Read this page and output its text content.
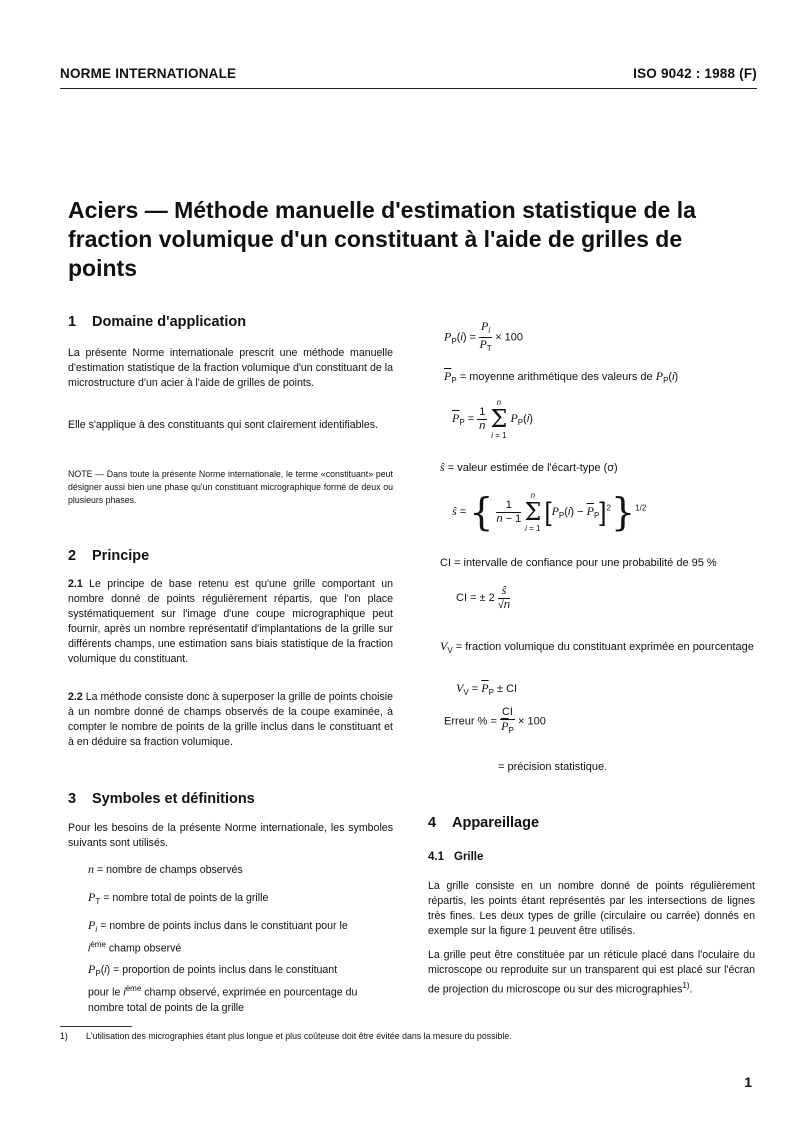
NORME INTERNATIONALE	ISO 9042 : 1988 (F)
Aciers — Méthode manuelle d'estimation statistique de la fraction volumique d'un constituant à l'aide de grilles de points
1 Domaine d'application
La présente Norme internationale prescrit une méthode manuelle d'estimation statistique de la fraction volumique d'un constituant de la microstructure d'un acier à l'aide de grilles de points.
Elle s'applique à des constituants qui sont clairement identifiables.
NOTE — Dans toute la présente Norme internationale, le terme «constituant» peut désigner aussi bien une phase qu'un constituant micrographique formé de deux ou plusieurs phases.
2 Principe
2.1 Le principe de base retenu est qu'une grille comportant un nombre donné de points régulièrement répartis, que l'on place systématiquement sur l'image d'une coupe micrographique peut fournir, après un nombre représentatif d'implantations de la grille sur différents champs, une estimation sans biais statistique de la fraction volumique du constituant.
2.2 La méthode consiste donc à superposer la grille de points choisie à un nombre donné de champs observés de la coupe examinée, à compter le nombre de points de la grille inclus dans le constituant et à en déduire sa fraction volumique.
3 Symboles et définitions
Pour les besoins de la présente Norme internationale, les symboles suivants sont utilisés.
n = nombre de champs observés
$P_T$ = nombre total de points de la grille
$P_i$ = nombre de points inclus dans le constituant pour le
$i^{ème}$ champ observé
$P_P(i)$ = proportion de points inclus dans le constituant
pour le $i^{ème}$ champ observé, exprimée en pourcentage du nombre total de points de la grille
$P_P(i) = \frac{P_i}{P_T} \times 100$
$\overline{P}_P$ = moyenne arithmétique des valeurs de $P_P(i)$
$\overline{P}_P = \frac{1}{n}$

n
Σ
i = 1
$P_P(i)$
ŝ = valeur estimée de l'écart-type (σ)
ŝ = { $\frac{1}{n - 1}$

n
Σ
i = 1
$[P_P(i) - \overline{P}_P]^2\}^{1/2}$
CI = intervalle de confiance pour une probabilité de 95 %
CI = ± $2 \frac{ŝ}{√n}$
$V_V$ = fraction volumique du constituant exprimée en pourcentage
$V_V = \overline{P}_P$ ± CI
Erreur % = $\frac{CI}{\overline{P}_P} \times 100$
= précision statistique.
4 Appareillage
4.1 Grille
La grille consiste en un nombre donné de points régulièrement répartis, les points étant représentés par les intersections de lignes très fines. Les deux types de grille (circulaire ou carrée) donnés en exemple sur la figure 1 peuvent être utilisés.
La grille peut être constituée par un réticule placé dans l'oculaire du microscope ou reproduite sur un transparent qui est placé sur l'écran de projection du microscope ou sur des micrographies$^{1)}$.
1) L'utilisation des micrographies étant plus longue et plus coûteuse doit être évitée dans la mesure du possible.
1
